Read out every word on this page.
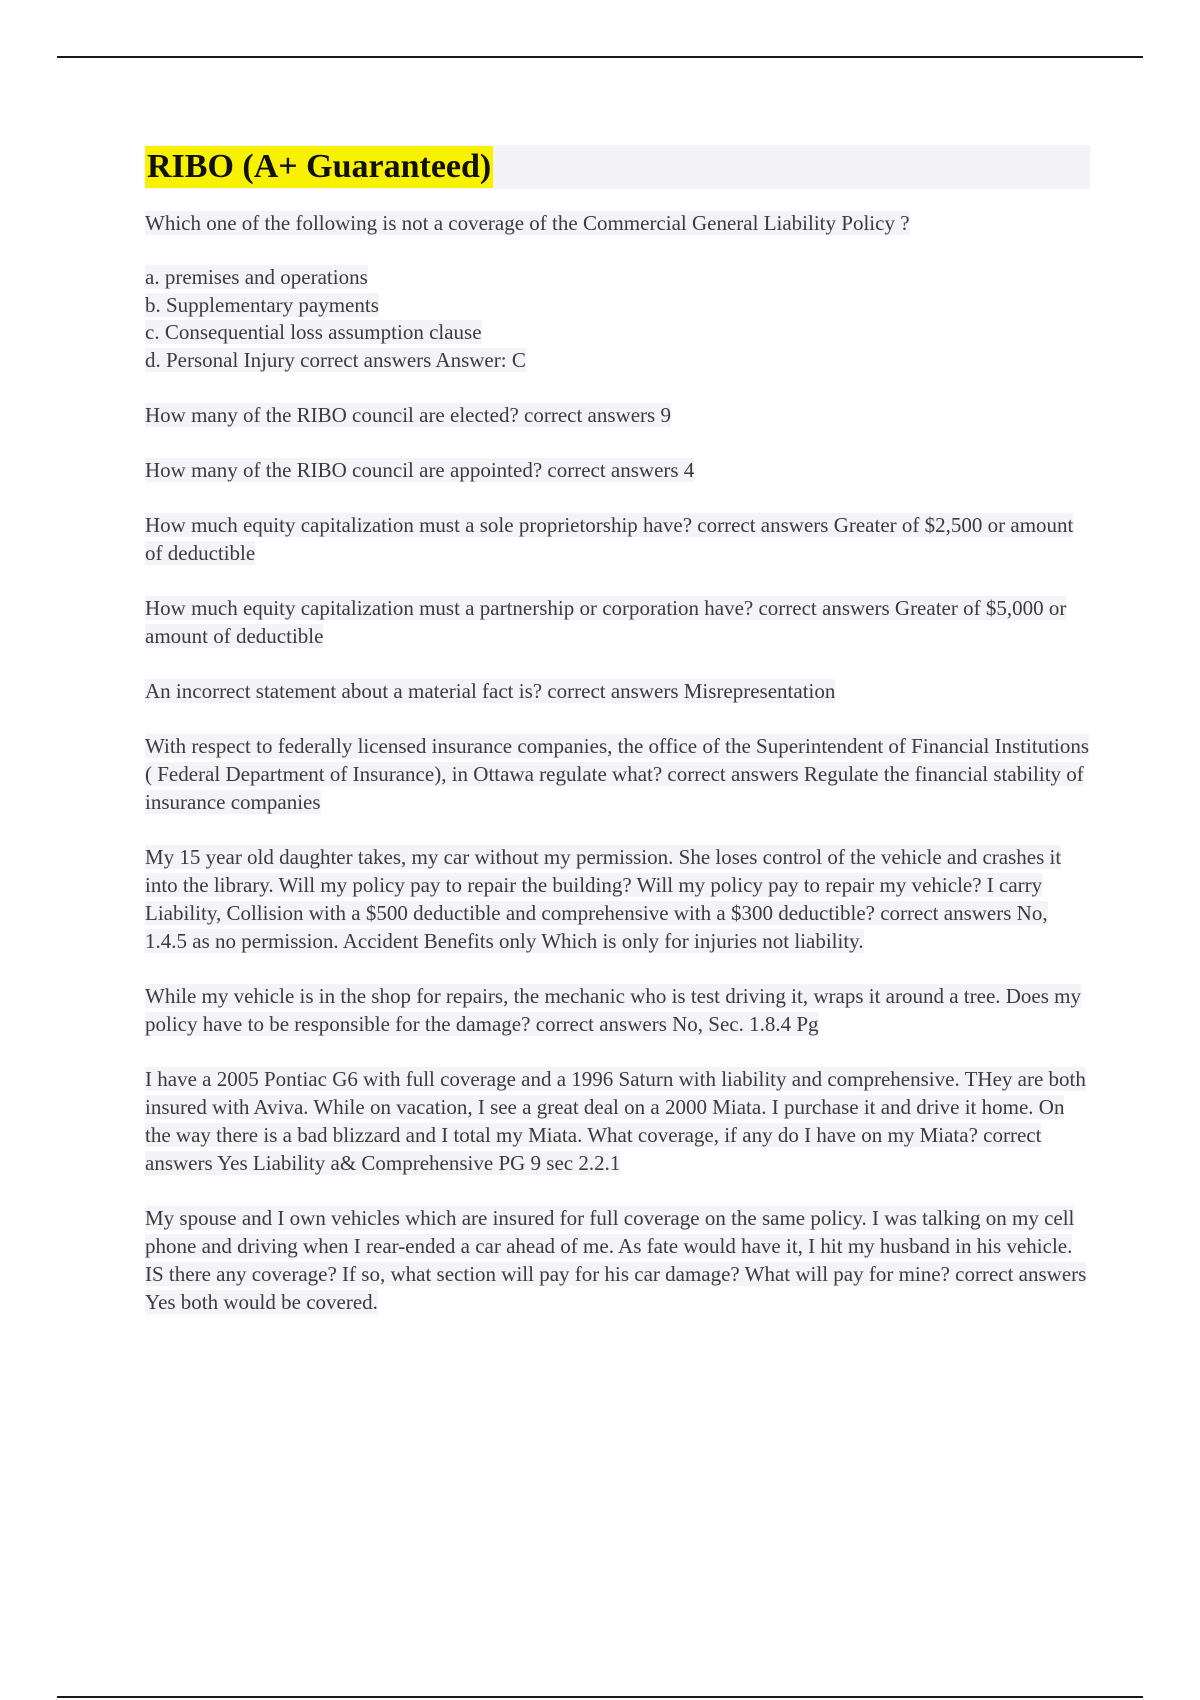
RIBO (A+ Guaranteed)

Which one of the following is not a coverage of the Commercial General Liability Policy ?

a. premises and operations
b. Supplementary payments
c. Consequential loss assumption clause
d. Personal Injury correct answers Answer: C

How many of the RIBO council are elected? correct answers 9

How many of the RIBO council are appointed? correct answers 4

How much equity capitalization must a sole proprietorship have? correct answers Greater of $2,500 or amount of deductible

How much equity capitalization must a partnership or corporation have? correct answers Greater of $5,000 or amount of deductible

An incorrect statement about a material fact is? correct answers Misrepresentation

With respect to federally licensed insurance companies, the office of the Superintendent of Financial Institutions ( Federal Department of Insurance), in Ottawa regulate what? correct answers Regulate the financial stability of insurance companies

My 15 year old daughter takes, my car without my permission. She loses control of the vehicle and crashes it into the library. Will my policy pay to repair the building? Will my policy pay to repair my vehicle? I carry Liability, Collision with a $500 deductible and comprehensive with a $300 deductible? correct answers No, 1.4.5 as no permission. Accident Benefits only Which is only for injuries not liability.

While my vehicle is in the shop for repairs, the mechanic who is test driving it, wraps it around a tree. Does my policy have to be responsible for the damage? correct answers No, Sec. 1.8.4 Pg

I have a 2005 Pontiac G6 with full coverage and a 1996 Saturn with liability and comprehensive. THey are both insured with Aviva. While on vacation, I see a great deal on a 2000 Miata. I purchase it and drive it home. On the way there is a bad blizzard and I total my Miata. What coverage, if any do I have on my Miata? correct answers Yes Liability a& Comprehensive PG 9 sec 2.2.1

My spouse and I own vehicles which are insured for full coverage on the same policy. I was talking on my cell phone and driving when I rear-ended a car ahead of me. As fate would have it, I hit my husband in his vehicle. IS there any coverage? If so, what section will pay for his car damage? What will pay for mine? correct answers Yes both would be covered.
